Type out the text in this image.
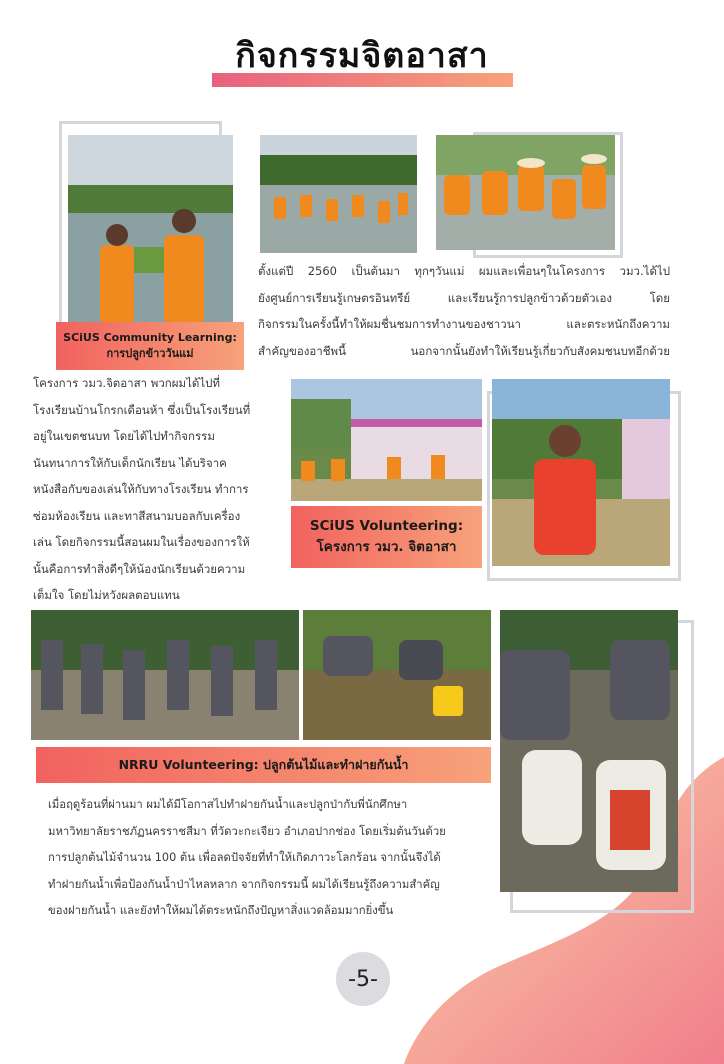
กิจกรรมจิตอาสา
SCiUS Community Learning:
การปลูกข้าววันแม่
ตั้งแต่ปี 2560 เป็นต้นมา ทุกๆวันแม่ ผมและเพื่อนๆในโครงการ วมว.ได้ไป
ยังศูนย์การเรียนรู้เกษตรอินทรีย์ และเรียนรู้การปลูกข้าวด้วยตัวเอง โดย
กิจกรรมในครั้งนี้ทำให้ผมชื่นชมการทำงานของชาวนา และตระหนักถึงความ
สำคัญของอาชีพนี้ นอกจากนั้นยังทำให้เรียนรู้เกี่ยวกับสังคมชนบทอีกด้วย
โครงการ วมว.จิตอาสา พวกผมได้ไปที่
โรงเรียนบ้านโกรกเดือนห้า ซึ่งเป็นโรงเรียนที่
อยู่ในเขตชนบท โดยได้ไปทำกิจกรรม
นันทนาการให้กับเด็กนักเรียน ได้บริจาค
หนังสือกับของเล่นให้กับทางโรงเรียน ทำการ
ซ่อมห้องเรียน และทาสีสนามบอลกับเครื่อง
เล่น โดยกิจกรรมนี้สอนผมในเรื่องของการให้
นั้นคือการทำสิ่งดีๆให้น้องนักเรียนด้วยความ
เต็มใจ โดยไม่หวังผลตอบแทน
SCiUS Volunteering:
โครงการ วมว. จิตอาสา
NRRU Volunteering: ปลูกต้นไม้และทำฝายกันน้ำ
เมื่อฤดูร้อนที่ผ่านมา ผมได้มีโอกาสไปทำฝายกันน้ำและปลูกป่ากับพี่นักศึกษา
มหาวิทยาลัยราชภัฏนครราชสีมา ที่วัดวะกะเจียว อำเภอปากช่อง โดยเริ่มต้นวันด้วย
การปลูกต้นไม้จำนวน 100 ต้น เพื่อลดปัจจัยที่ทำให้เกิดภาวะโลกร้อน จากนั้นจึงได้
ทำฝายกันน้ำเพื่อป้องกันน้ำป่าไหลหลาก จากกิจกรรมนี้ ผมได้เรียนรู้ถึงความสำคัญ
ของฝายกันน้ำ และยังทำให้ผมได้ตระหนักถึงปัญหาสิ่งแวดล้อมมากยิ่งขึ้น
-5-
